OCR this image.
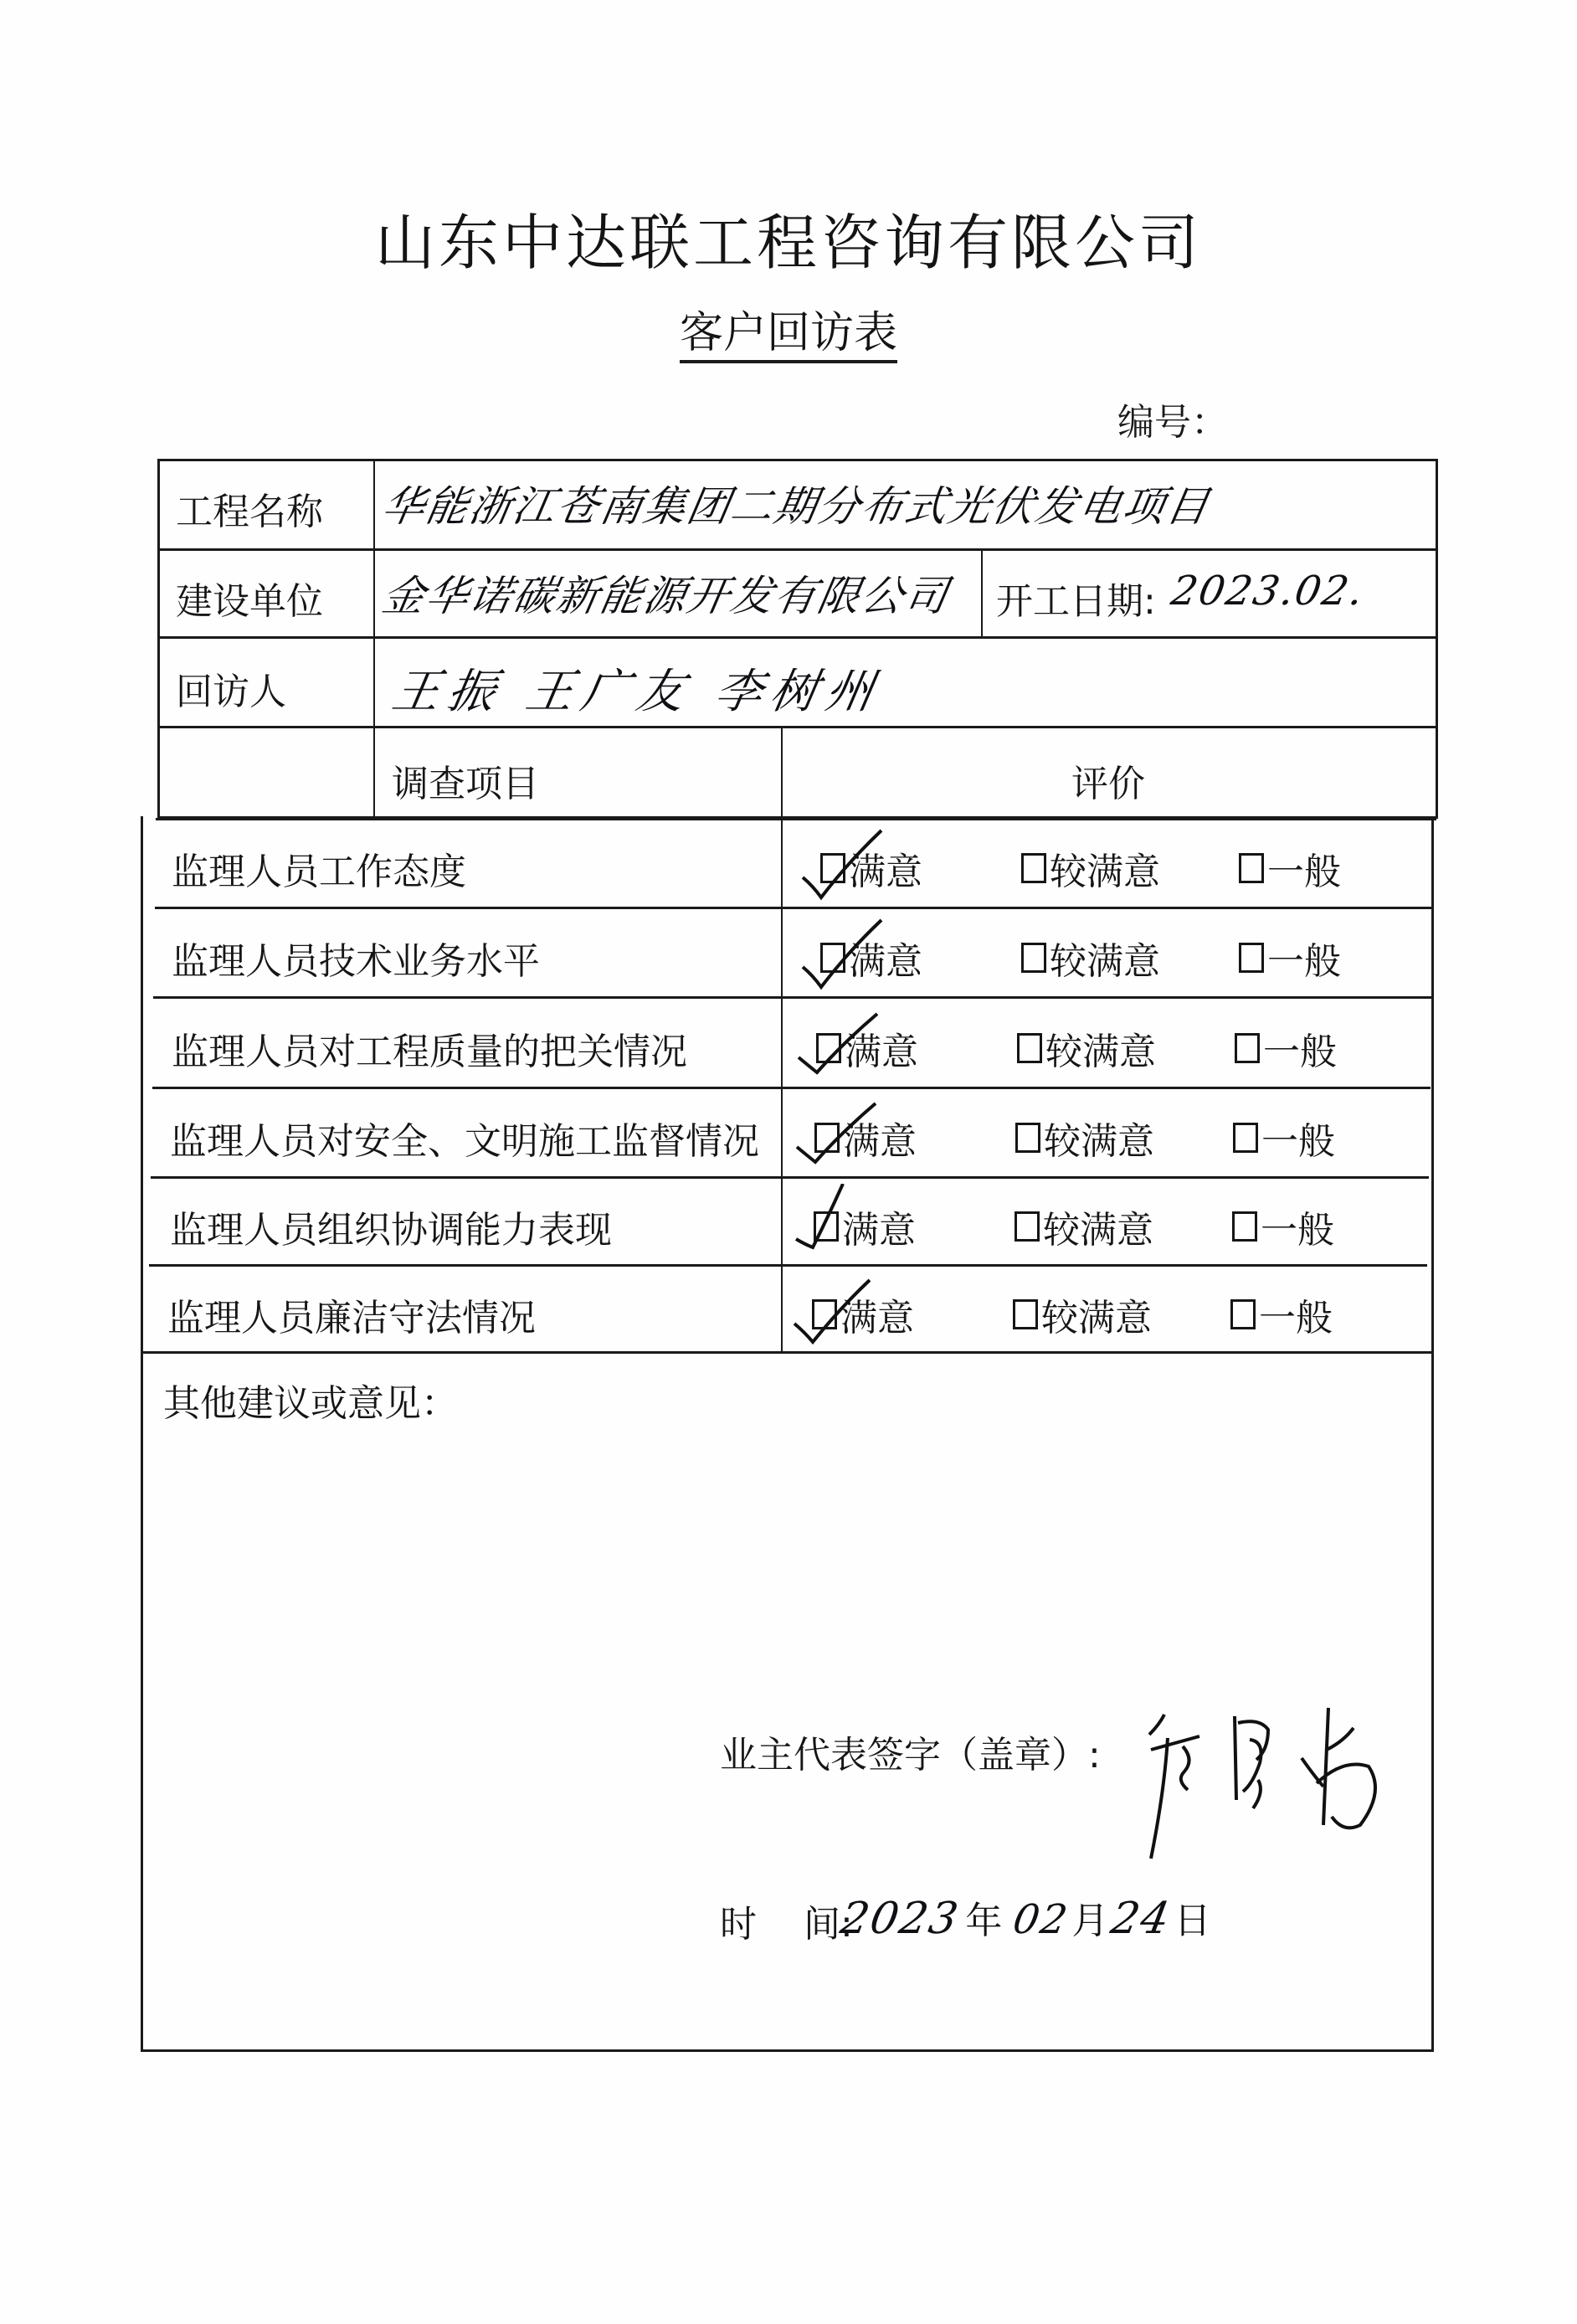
山东中达联工程咨询有限公司
客户回访表
编号：
工程名称 华能浙江苍南集团二期分布式光伏发电项目
建设单位 金华诺碳新能源开发有限公司 开工日期: 2023.02.
回访人 王振 王广友 李树州
调查项目	评价
监理人员工作态度	满意	较满意	一般
监理人员技术业务水平	满意	较满意	一般
监理人员对工程质量的把关情况	满意	较满意	一般
监理人员对安全、文明施工监督情况 满意	较满意	一般
监理人员组织协调能力表现	满意	较满意	一般
监理人员廉洁守法情况	满意	较满意	一般
其他建议或意见：
业主代表签字（盖章）:
时    间:
2023 年 02 月
24
日
